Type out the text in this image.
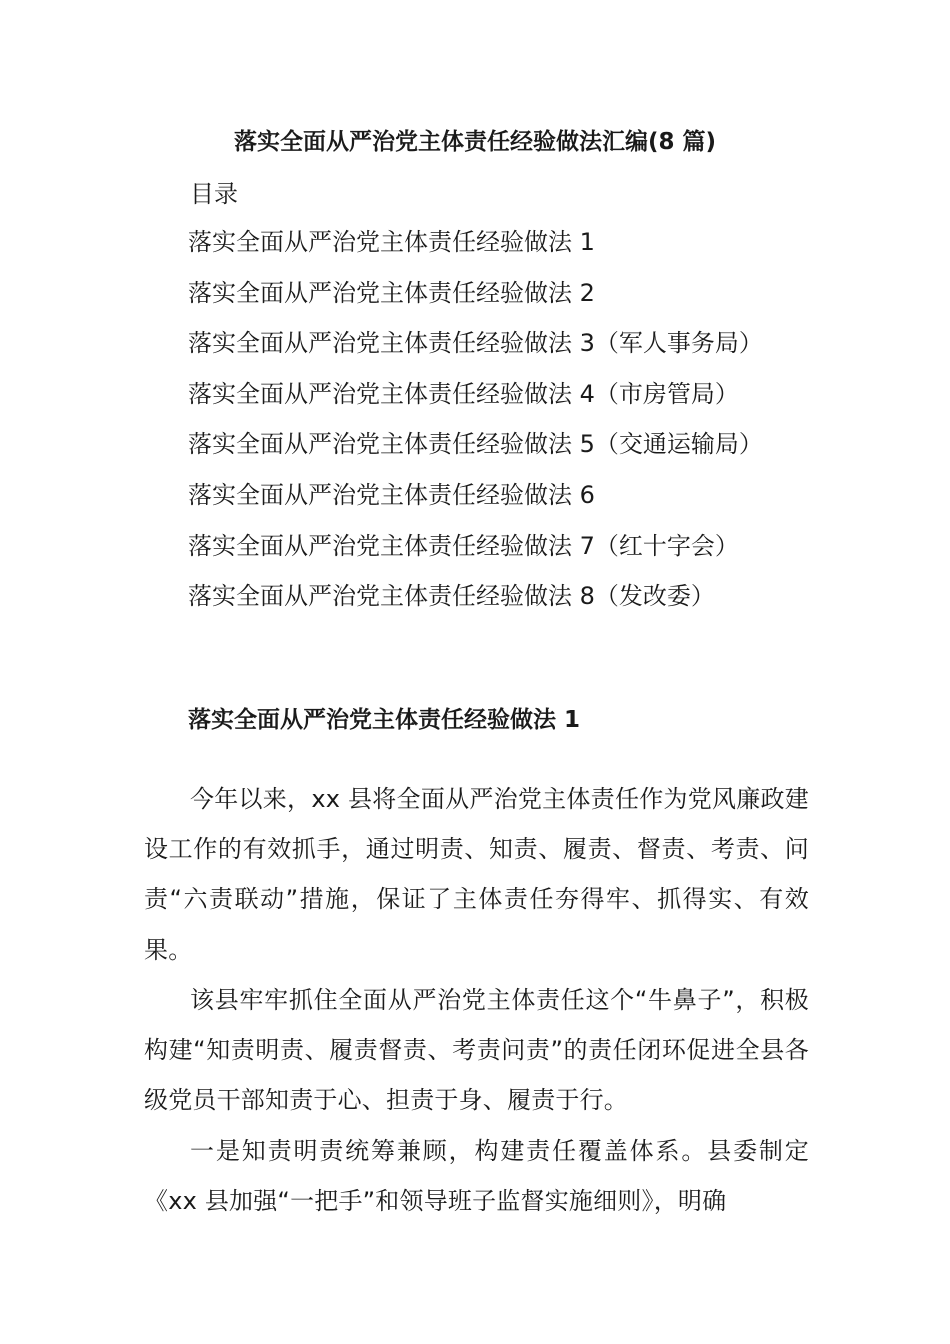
落实全面从严治党主体责任经验做法汇编(8 篇)
目录
落实全面从严治党主体责任经验做法 1
落实全面从严治党主体责任经验做法 2
落实全面从严治党主体责任经验做法 3（军人事务局）
落实全面从严治党主体责任经验做法 4（市房管局）
落实全面从严治党主体责任经验做法 5（交通运输局）
落实全面从严治党主体责任经验做法 6
落实全面从严治党主体责任经验做法 7（红十字会）
落实全面从严治党主体责任经验做法 8（发改委）
落实全面从严治党主体责任经验做法 1

今年以来，xx 县将全面从严治党主体责任作为党风廉政建设工作的有效抓手，通过明责、知责、履责、督责、考责、问责“六责联动”措施，保证了主体责任夯得牢、抓得实、有效果。

该县牢牢抓住全面从严治党主体责任这个“牛鼻子”，积极构建“知责明责、履责督责、考责问责”的责任闭环促进全县各级党员干部知责于心、担责于身、履责于行。

一是知责明责统筹兼顾，构建责任覆盖体系。县委制定《xx 县加强“一把手”和领导班子监督实施细则》，明确
